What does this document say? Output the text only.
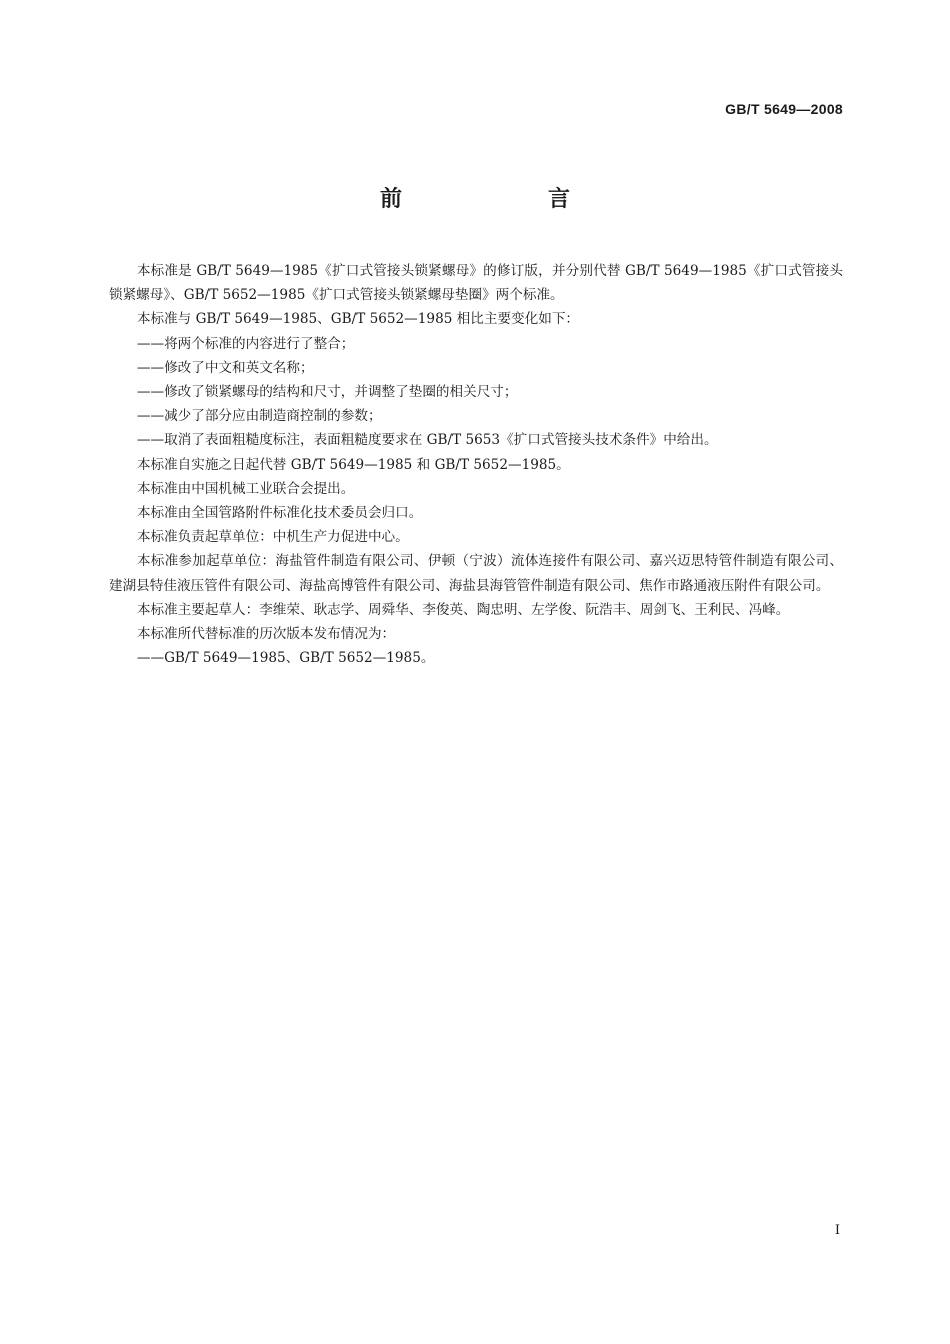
GB/T 5649—2008
前　言

本标准是 GB/T 5649—1985《扩口式管接头锁紧螺母》的修订版，并分别代替 GB/T 5649—1985《扩口式管接头锁紧螺母》、GB/T 5652—1985《扩口式管接头锁紧螺母垫圈》两个标准。

本标准与 GB/T 5649—1985、GB/T 5652—1985 相比主要变化如下：

——将两个标准的内容进行了整合；

——修改了中文和英文名称；

——修改了锁紧螺母的结构和尺寸，并调整了垫圈的相关尺寸；

——减少了部分应由制造商控制的参数；

——取消了表面粗糙度标注，表面粗糙度要求在 GB/T 5653《扩口式管接头技术条件》中给出。

本标准自实施之日起代替 GB/T 5649—1985 和 GB/T 5652—1985。

本标准由中国机械工业联合会提出。

本标准由全国管路附件标准化技术委员会归口。

本标准负责起草单位：中机生产力促进中心。

本标准参加起草单位：海盐管件制造有限公司、伊顿（宁波）流体连接件有限公司、嘉兴迈思特管件制造有限公司、建湖县特佳液压管件有限公司、海盐高博管件有限公司、海盐县海管管件制造有限公司、焦作市路通液压附件有限公司。

本标准主要起草人：李维荣、耿志学、周舜华、李俊英、陶忠明、左学俊、阮浩丰、周剑飞、王利民、冯峰。

本标准所代替标准的历次版本发布情况为：

——GB/T 5649—1985、GB/T 5652—1985。

I
